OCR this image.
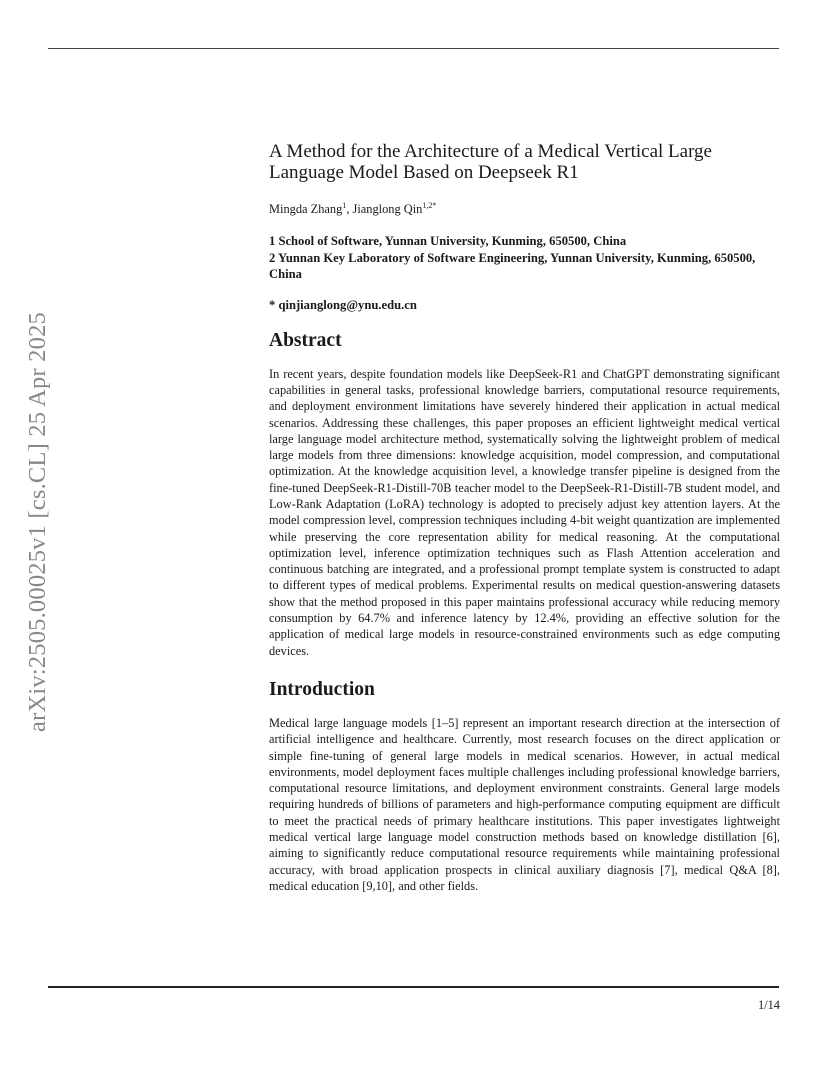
arXiv:2505.00025v1 [cs.CL] 25 Apr 2025
A Method for the Architecture of a Medical Vertical Large Language Model Based on Deepseek R1
Mingda Zhang$^1$, Jianglong Qin$^{1,2*}$
1 School of Software, Yunnan University, Kunming, 650500, China
2 Yunnan Key Laboratory of Software Engineering, Yunnan University, Kunming, 650500, China
* qinjianglong@ynu.edu.cn
Abstract

In recent years, despite foundation models like DeepSeek-R1 and ChatGPT demonstrating significant capabilities in general tasks, professional knowledge barriers, computational resource requirements, and deployment environment limitations have severely hindered their application in actual medical scenarios. Addressing these challenges, this paper proposes an efficient lightweight medical vertical large language model architecture method, systematically solving the lightweight problem of medical large models from three dimensions: knowledge acquisition, model compression, and computational optimization. At the knowledge acquisition level, a knowledge transfer pipeline is designed from the fine-tuned DeepSeek-R1-Distill-70B teacher model to the DeepSeek-R1-Distill-7B student model, and Low-Rank Adaptation (LoRA) technology is adopted to precisely adjust key attention layers. At the model compression level, compression techniques including 4-bit weight quantization are implemented while preserving the core representation ability for medical reasoning. At the computational optimization level, inference optimization techniques such as Flash Attention acceleration and continuous batching are integrated, and a professional prompt template system is constructed to adapt to different types of medical problems. Experimental results on medical question-answering datasets show that the method proposed in this paper maintains professional accuracy while reducing memory consumption by 64.7% and inference latency by 12.4%, providing an effective solution for the application of medical large models in resource-constrained environments such as edge computing devices.

Introduction

Medical large language models [1–5] represent an important research direction at the intersection of artificial intelligence and healthcare. Currently, most research focuses on the direct application or simple fine-tuning of general large models in medical scenarios. However, in actual medical environments, model deployment faces multiple challenges including professional knowledge barriers, computational resource limitations, and deployment environment constraints. General large models requiring hundreds of billions of parameters and high-performance computing equipment are difficult to meet the practical needs of primary healthcare institutions. This paper investigates lightweight medical vertical large language model construction methods based on knowledge distillation [6], aiming to significantly reduce computational resource requirements while maintaining professional accuracy, with broad application prospects in clinical auxiliary diagnosis [7], medical Q&A [8], medical education [9,10], and other fields.

1/14
